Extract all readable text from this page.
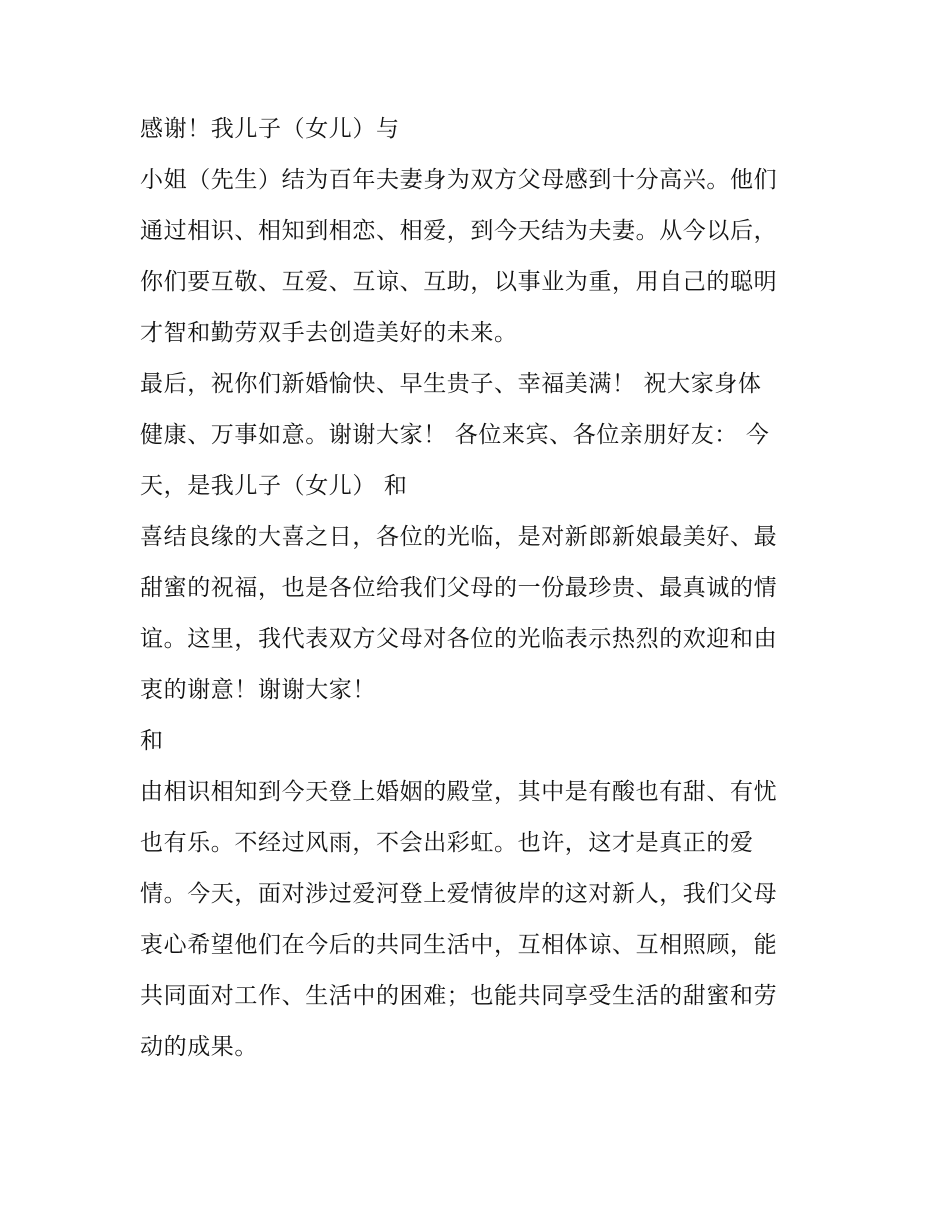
感谢！我儿子（女儿）与
小姐（先生）结为百年夫妻身为双方父母感到十分高兴。他们
通过相识、相知到相恋、相爱，到今天结为夫妻。从今以后，
你们要互敬、互爱、互谅、互助，以事业为重，用自己的聪明
才智和勤劳双手去创造美好的未来。
最后，祝你们新婚愉快、早生贵子、幸福美满！ 祝大家身体
健康、万事如意。谢谢大家！ 各位来宾、各位亲朋好友： 今
天，是我儿子（女儿） 和
喜结良缘的大喜之日，各位的光临，是对新郎新娘最美好、最
甜蜜的祝福，也是各位给我们父母的一份最珍贵、最真诚的情
谊。这里，我代表双方父母对各位的光临表示热烈的欢迎和由
衷的谢意！谢谢大家！
和
由相识相知到今天登上婚姻的殿堂，其中是有酸也有甜、有忧
也有乐。不经过风雨，不会出彩虹。也许，这才是真正的爱
情。今天，面对涉过爱河登上爱情彼岸的这对新人，我们父母
衷心希望他们在今后的共同生活中，互相体谅、互相照顾，能
共同面对工作、生活中的困难；也能共同享受生活的甜蜜和劳
动的成果。
